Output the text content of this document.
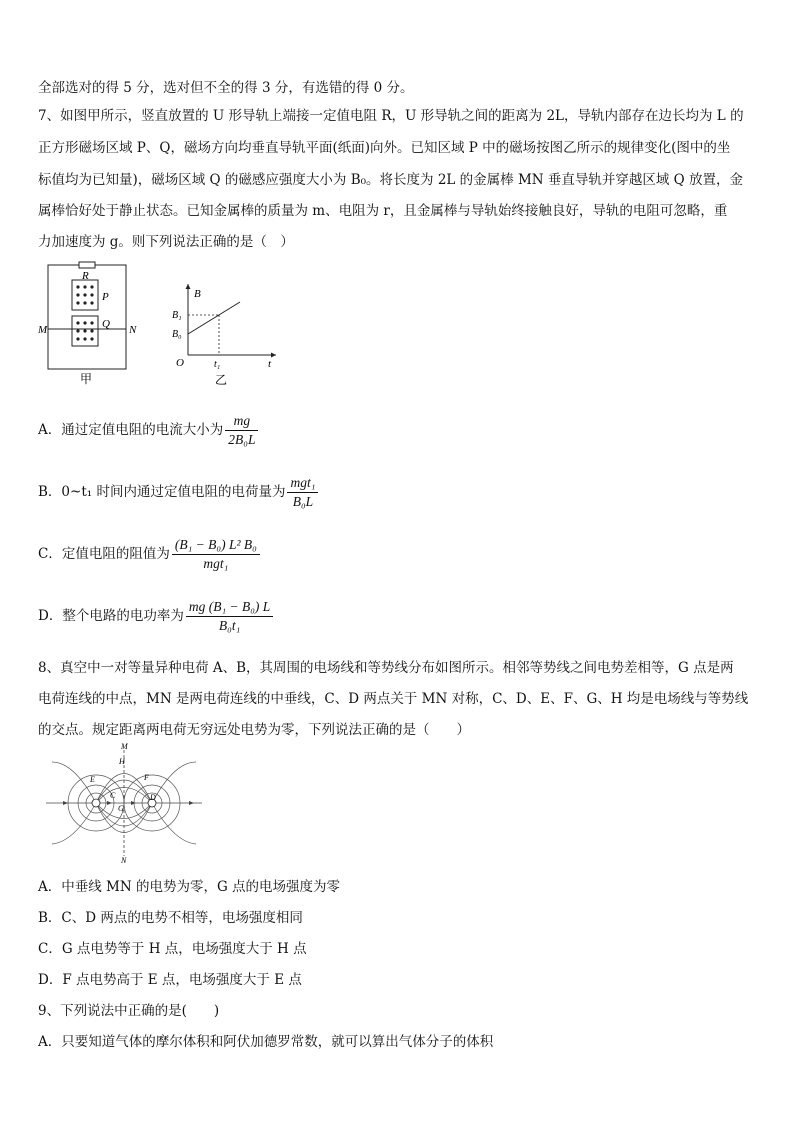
全部选对的得 5 分，选对但不全的得 3 分，有选错的得 0 分。
7、如图甲所示，竖直放置的 U 形导轨上端接一定值电阻 R，U 形导轨之间的距离为 2L，导轨内部存在边长均为 L 的
正方形磁场区域 P、Q，磁场方向均垂直导轨平面(纸面)向外。已知区域 P 中的磁场按图乙所示的规律变化(图中的坐
标值均为已知量)，磁场区域 Q 的磁感应强度大小为 B₀。将长度为 2L 的金属棒 MN 垂直导轨并穿越区域 Q 放置，金
属棒恰好处于静止状态。已知金属棒的质量为 m、电阻为 r，且金属棒与导轨始终接触良好，导轨的电阻可忽略，重
力加速度为 g。则下列说法正确的是（　）
R
P
Q
M	N
甲
B
B₁
B₀
O	t₁	t
乙
A．通过定值电阻的电流大小为 $\frac{mg}{\text{2B₀L}}$
B．0~t₁ 时间内通过定值电阻的电荷量为 $\frac{\text{mgt₁}}{\text{B₀L}}$
C．定值电阻的阻值为 $\frac{\text{(B₁ − B₀) L² B₀}}{\text{mgt₁}}$
D．整个电路的电功率为 $\frac{\text{mg (B₁ − B₀) L}}{\text{B₀t₁}}$
8、真空中一对等量异种电荷 A、B，其周围的电场线和等势线分布如图所示。相邻等势线之间电势差相等，G 点是两
电荷连线的中点，MN 是两电荷连线的中垂线，C、D 两点关于 MN 对称，C、D、E、F、G、H 均是电场线与等势线
的交点。规定距离两电荷无穷远处电势为零，下列说法正确的是（　　）
M
N
H
E
D
G
C
F
A．中垂线 MN 的电势为零，G 点的电场强度为零
B．C、D 两点的电势不相等，电场强度相同
C．G 点电势等于 H 点，电场强度大于 H 点
D．F 点电势高于 E 点，电场强度大于 E 点
9、下列说法中正确的是(　　)
A．只要知道气体的摩尔体积和阿伏加德罗常数，就可以算出气体分子的体积
